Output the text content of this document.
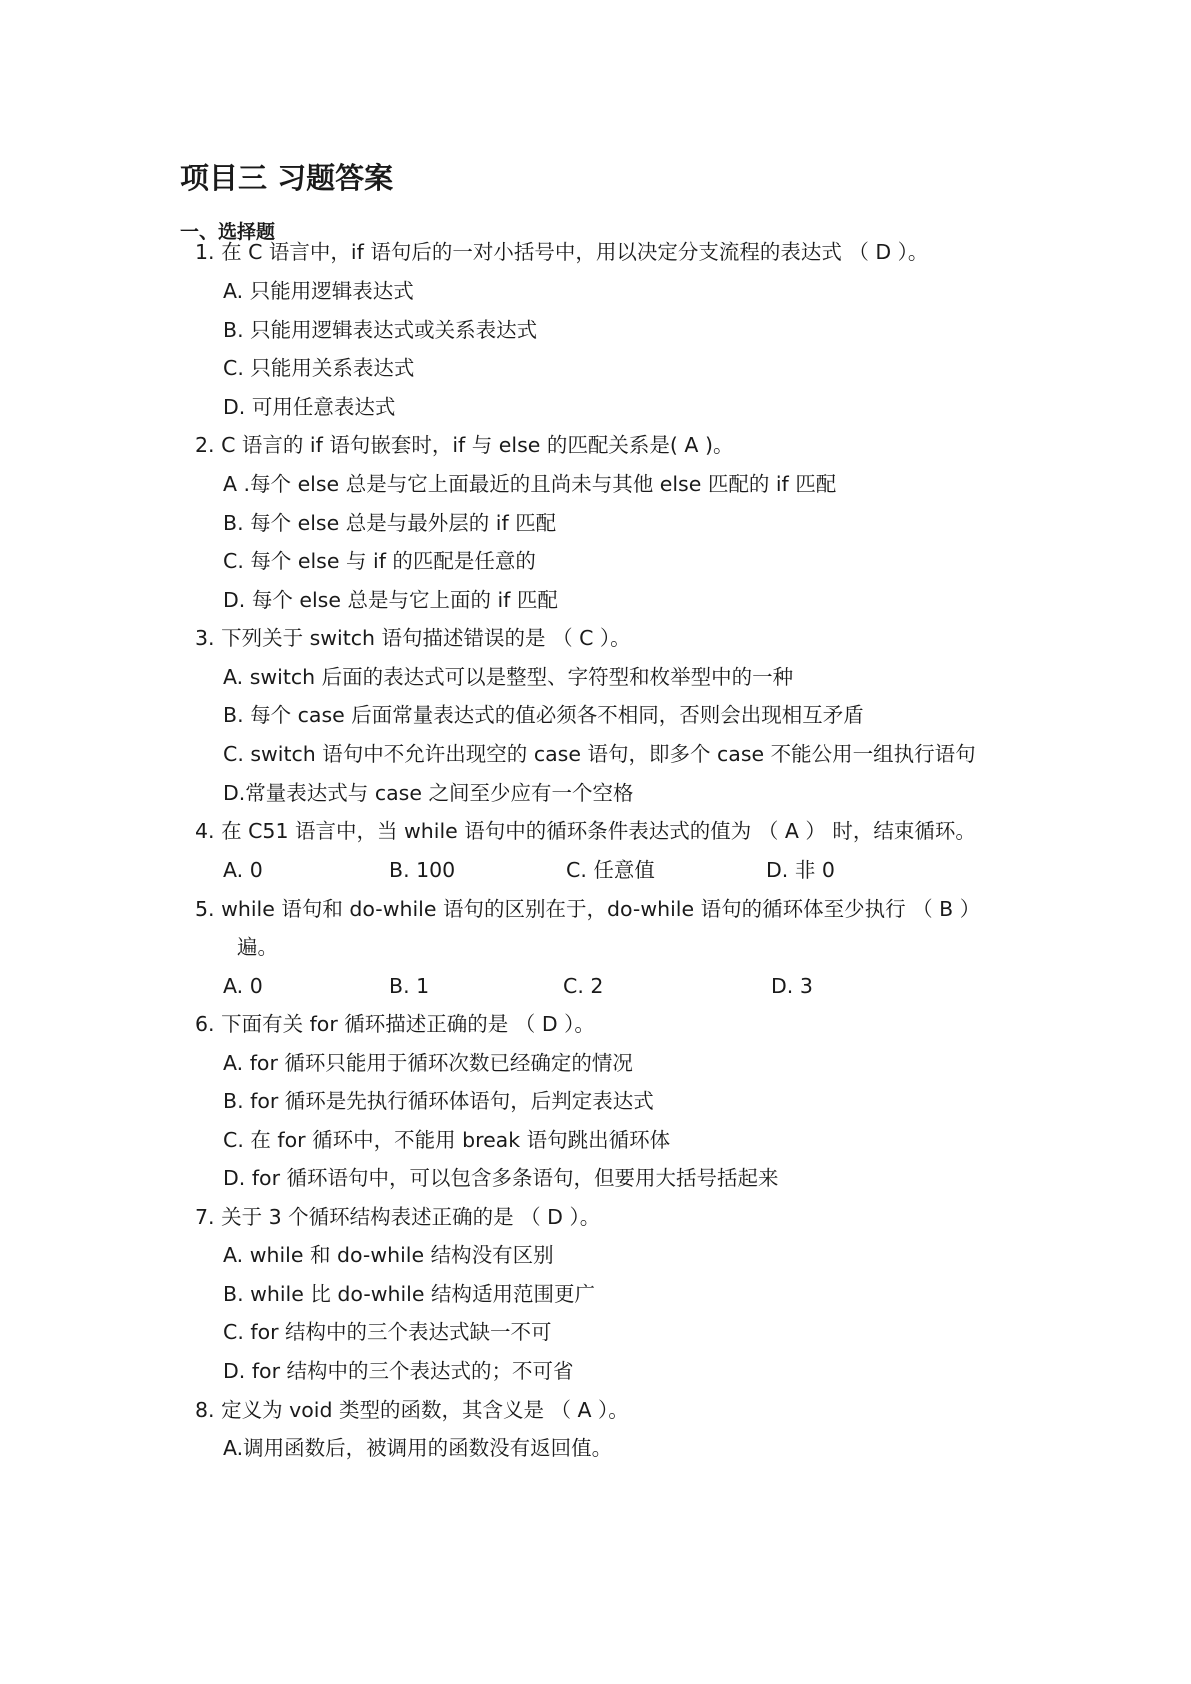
项目三 习题答案
一、选择题
1. 在 C 语言中，if 语句后的一对小括号中，用以决定分支流程的表达式 （ D ）。
A. 只能用逻辑表达式
B. 只能用逻辑表达式或关系表达式
C. 只能用关系表达式
D. 可用任意表达式
2. C 语言的 if 语句嵌套时，if 与 else 的匹配关系是( A )。
A .每个 else 总是与它上面最近的且尚未与其他 else 匹配的 if 匹配
B. 每个 else 总是与最外层的 if 匹配
C. 每个 else 与 if 的匹配是任意的
D. 每个 else 总是与它上面的 if 匹配
3. 下列关于 switch 语句描述错误的是 （ C ）。
A. switch 后面的表达式可以是整型、字符型和枚举型中的一种
B. 每个 case 后面常量表达式的值必须各不相同，否则会出现相互矛盾
C. switch 语句中不允许出现空的 case 语句，即多个 case 不能公用一组执行语句
D.常量表达式与 case 之间至少应有一个空格
4. 在 C51 语言中，当 while 语句中的循环条件表达式的值为 （ A ） 时，结束循环。
A. 0	B. 100	C. 任意值	D. 非 0
5. while 语句和 do-while 语句的区别在于，do-while 语句的循环体至少执行 （ B ）
遍。
A. 0	B. 1	C. 2	D. 3
6. 下面有关 for 循环描述正确的是 （ D ）。
A. for 循环只能用于循环次数已经确定的情况
B. for 循环是先执行循环体语句，后判定表达式
C. 在 for 循环中，不能用 break 语句跳出循环体
D. for 循环语句中，可以包含多条语句，但要用大括号括起来
7. 关于 3 个循环结构表述正确的是 （ D ）。
A. while 和 do-while 结构没有区别
B. while 比 do-while 结构适用范围更广
C. for 结构中的三个表达式缺一不可
D. for 结构中的三个表达式的；不可省
8. 定义为 void 类型的函数，其含义是 （ A ）。
A.调用函数后，被调用的函数没有返回值。
